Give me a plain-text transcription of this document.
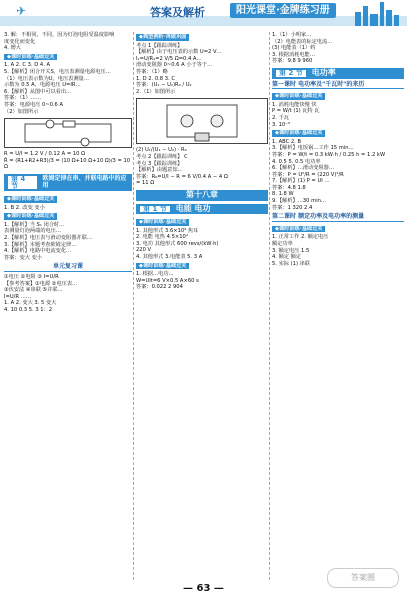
✈	答案及解析	阳光课堂·金牌练习册

3. 解：不相同，不同，因为灯泡电阻受温度影响

度变化而变化

4. 增大

◆课时训练·基础过关

1. A 2. C 3. D 4. A

5.【解析】闭合开关S，电压表测量电源电压…

（1）电压表示数为U，电压表测量…

示数为 0.5 A，电源电压 U=IR…

6.【解析】从图中可以看出…

答案：（1）……

答案：电源电压 0~0.6 A

（2）如图所示

R = U/I = 1.2 V / 0.12 A = 10 Ω

R̄ = (R1+R2+R3)/3 = (10 Ω+10 Ω+10 Ω)/3 = 10 Ω

第 4 节
欧姆定律在串、并联电路中的应用
◆课时训练·基础过关

1. B 2. 改变 变小

◆课时训练·基础过关

1.【解析】当 S₁ 闭合时…

表测量灯泡两端的电压…

2.【解析】电压表与滑动变阻器并联…

3.【解析】本题考查欧姆定律…

4.【解析】电路中电流变化…

答案：变大 变小

单元复习课

①电压 ②电阻 ③ I=U/R

【参考答案】①电源 ②电压表…

③伏安法 ④串联 ⑤并联…

I=U/R ……

1. A 2. 变大 3. 5 变大

4. 10 0.3 5. 3 1：2

◆典型例析·再做巩固

考点 1【跟踪训练】

【解析】由于电压表的示数 U=2 V…

I₁=U/R₁=2 V/5 Ω=0.4 A…

滑动变阻器 0~0.6 A 小于等于…

答案：（1）略

1. D 2. 0.8 3. C

答案：(U₁ − U₂)R₀ / U₂

2.（1）如图所示

(2) U₁/(U₁ − U₂) · R₀

考点 2【跟踪训练】 C

考点 3【跟踪训练】

【解析】由题意知…

答案：R₀=U/I − R = 6 V/0.4 A − 4 Ω

= 11 Ω

第十八章
第 1 节	电能 电功
◆课时训练·基础过关

1. 其他形式 3.6×10⁶ 焦耳

2. 电能 电热 4.5×10⁴

3. 电功 其他形式 600 revs/(kW·h)

220 V

4. 其他形式 3.电能表 5. 3 A

◆课时训练·基础过关

1. 根据…电功…

W=UIt=6 V×0.5 A×60 s

答案：0.022 2 904

1.（1）小明家…

（2）电能表的标定电流…

(3) 电能表（1）约

3. 根据消耗电能…

答案：9.8 9 960

第 2 节	电功率
第一课时 电功率及"千瓦时"的来历
◆课时训练·基础过关

1. 消耗电能快慢 快

P = W/t (1) 瓦特 瓦

2. 千瓦

3. 10⁻³

◆课时训练·基础过关

1. ABC 2. B

3.【解析】电饭锅…工作 15 min…

答案：P = W/t = 0.3 kW·h / 0.25 h = 1.2 kW

4. 0.5 5. 0.5 电功率

6.【解析】…滑动变阻器…

答案：P = U²/R = (220 V)²/R

7.【解析】(1) P = UI …

答案：4.8 1.8

8. 1.8 W

9.【解析】…30 min…

答案：1 320 2.4

第二课时 额定功率及电功率的测量
◆课时训练·基础过关

1. 正常工作 2. 额定电压

额定功率

3. 额定电压 1.5

4. 额定 额定

5. 实际 (1) 串联

— 63 —
答案圈
